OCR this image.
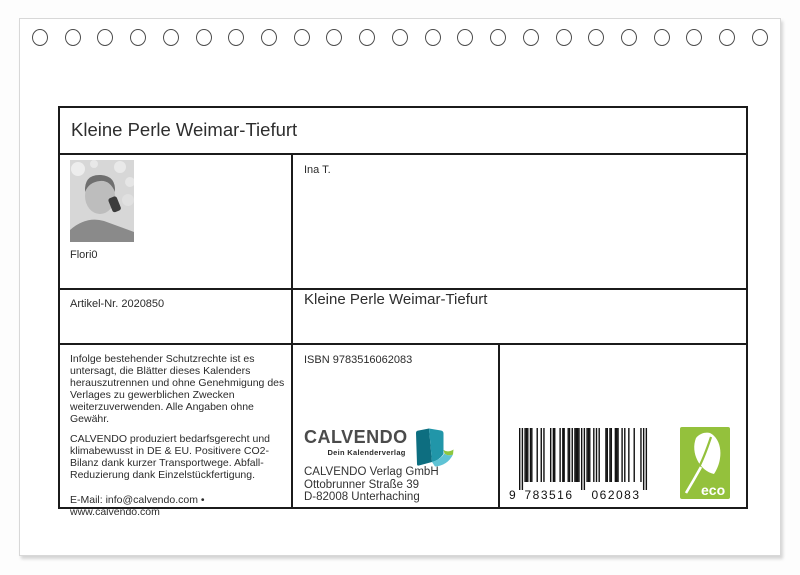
Kleine Perle Weimar-Tiefurt
Flori0
Ina T.
Artikel-Nr. 2020850	Kleine Perle Weimar-Tiefurt

Infolge bestehender Schutzrechte ist es
untersagt, die Blätter dieses Kalenders
herauszutrennen und ohne Genehmigung des
Verlages zu gewerblichen Zwecken
weiterzuverwenden. Alle Angaben ohne
Gewähr.

CALVENDO produziert bedarfsgerecht und
klimabewusst in DE & EU. Positivere CO2-
Bilanz dank kurzer Transportwege. Abfall-
Reduzierung dank Einzelstückfertigung.

E-Mail: info@calvendo.com •
www.calvendo.com

ISBN 9783516062083
CALVENDO
Dein Kalenderverlag
CALVENDO Verlag GmbH
Ottobrunner Straße 39
D-82008 Unterhaching	9 783516 062083	eco
